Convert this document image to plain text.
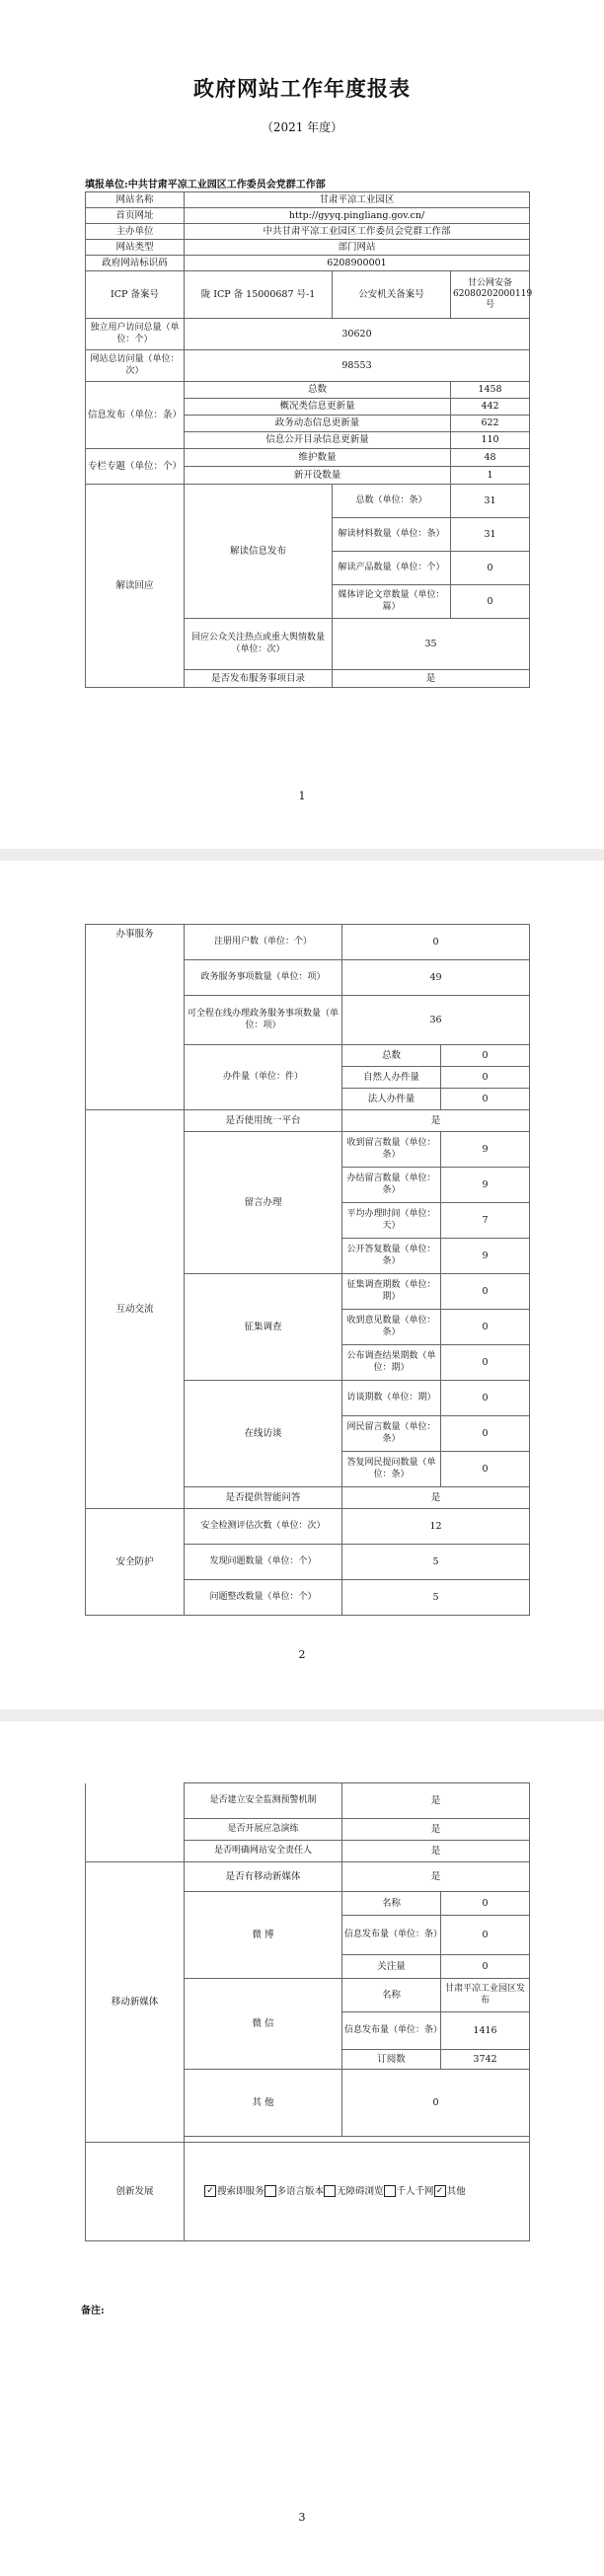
政府网站工作年度报表
（2021 年度）
填报单位:中共甘肃平凉工业园区工作委员会党群工作部
网站名称	甘肃平凉工业园区		
首页网址	http://gyyq.pingliang.gov.cn/		
主办单位	中共甘肃平凉工业园区工作委员会党群工作部		
网站类型	部门网站		
政府网站标识码	6208900001		
ICP 备案号	陇 ICP 备 15000687 号-1	公安机关备案号	甘公网安备 62080202000119 号
独立用户访问总量（单位：个）	30620		
网站总访问量（单位：次）	98553		
信息发布（单位：条）	总数		1458
	概况类信息更新量		442
	政务动态信息更新量		622
	信息公开目录信息更新量		110
专栏专题（单位：个）	维护数量		48
	新开设数量		1
解读回应	解读信息发布	总数（单位：条）	31
		解读材料数量（单位：条）	31
		解读产品数量（单位：个）	0
		媒体评论文章数量（单位：篇）	0
	回应公众关注热点或重大舆情数量（单位：次）	35	
	是否发布服务事项目录	是	
1
办事服务	注册用户数（单位：个）	0	
	政务服务事项数量（单位：项）	49	
	可全程在线办理政务服务事项数量（单位：项）	36	
	办件量（单位：件）	总数	0
		自然人办件量	0
		法人办件量	0
互动交流	是否使用统一平台	是	
	留言办理	收到留言数量（单位：条）	9
		办结留言数量（单位：条）	9
		平均办理时间（单位：天）	7
		公开答复数量（单位：条）	9
	征集调查	征集调查期数（单位：期）	0
		收到意见数量（单位：条）	0
		公布调查结果期数（单位：期）	0
	在线访谈	访谈期数（单位：期）	0
		网民留言数量（单位：条）	0
		答复网民提问数量（单位：条）	0
	是否提供智能问答	是	
安全防护	安全检测评估次数（单位：次）	12	
	发现问题数量（单位：个）	5	
	问题整改数量（单位：个）	5	
2
	是否建立安全监测预警机制	是	
	是否开展应急演练	是	
	是否明确网站安全责任人	是	
移动新媒体	是否有移动新媒体	是	
	微 博	名称	0
		信息发布量（单位：条）	0
		关注量	0
	微 信	名称	甘肃平凉工业园区发布
		信息发布量（单位：条）	1416
		订阅数	3742
	其 他	0	

创新发展	✓ 搜索即服务 多语言版本 无障碍浏览 千人千网 ✓ 其他		
备注:
3
